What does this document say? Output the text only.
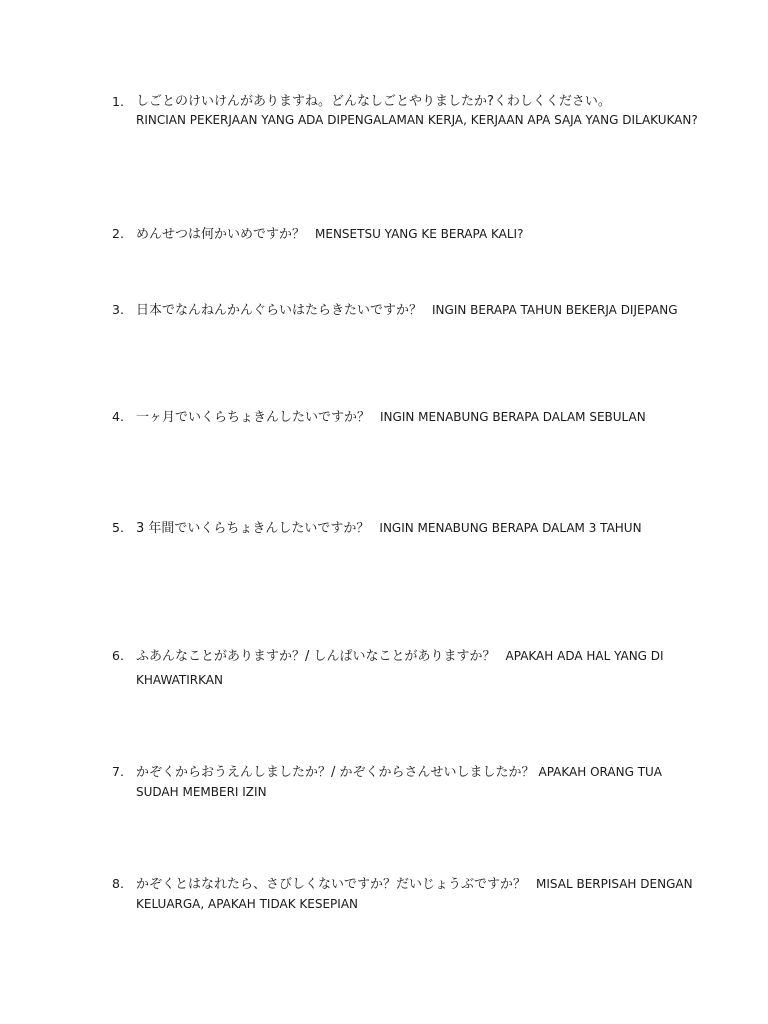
1. しごとのけいけんがありますね。どんなしごとやりましたか?くわしくください。
RINCIAN PEKERJAAN YANG ADA DIPENGALAMAN KERJA, KERJAAN APA SAJA YANG DILAKUKAN?
2. めんせつは何かいめですか？ MENSETSU YANG KE BERAPA KALI?
3. 日本でなんねんかんぐらいはたらきたいですか？ INGIN BERAPA TAHUN BEKERJA DIJEPANG
4. 一ヶ月でいくらちょきんしたいですか？ INGIN MENABUNG BERAPA DALAM SEBULAN
5. 3 年間でいくらちょきんしたいですか？ INGIN MENABUNG BERAPA DALAM 3 TAHUN
6. ふあんなことがありますか？/ しんぱいなことがありますか？ APAKAH ADA HAL YANG DI KHAWATIRKAN
7. かぞくからおうえんしましたか？/ かぞくからさんせいしましたか？ APAKAH ORANG TUA SUDAH MEMBERI IZIN
8. かぞくとはなれたら、さびしくないですか？だいじょうぶですか？ MISAL BERPISAH DENGAN KELUARGA, APAKAH TIDAK KESEPIAN
